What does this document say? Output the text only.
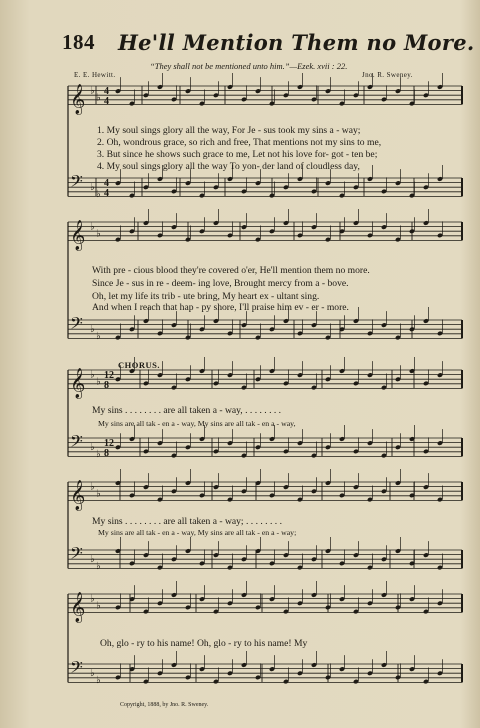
184 He'll Mention Them no More.
“They shall not be mentioned unto him.”—Ezek. xvii : 22.
E. E. Hewitt.	Jno. R. Sweney.
𝄞 ♭
♭
𝄢 ♭
♭
𝄞 ♭
♭
𝄢 ♭
♭
𝄞 ♭
♭
𝄢 ♭
♭
𝄞 ♭
♭
𝄢 ♭
♭
𝄞 ♭
♭
𝄢 ♭
♭
4
4
4
4
12
8
12
8
1. My soul sings glory all the way, For Je - sus took my sins a - way;
2. Oh, wondrous grace, so rich and free, That mentions not my sins to me,
3. But since he shows such grace to me, Let not his love for- got - ten be;
4. My soul sings glory all the way To yon- der land of cloudless day,
With pre - cious blood they're covered o'er, He'll mention them no more.
Since Je - sus in re - deem- ing love, Brought mercy from a - bove.
Oh, let my life its trib - ute bring, My heart ex - ultant sing.
And when I reach that hap - py shore, I'll praise him ev - er - more.
CHORUS.
My sins . . . . . . . . are all taken a - way, . . . . . . . .
My sins are all tak - en a - way, My sins are all tak - en a - way,
My sins . . . . . . . . are all taken a - way; . . . . . . . .
My sins are all tak - en a - way, My sins are all tak - en a - way;
Oh, glo - ry to his name! Oh, glo - ry to his name! My
Copyright, 1888, by Jno. R. Sweney.
